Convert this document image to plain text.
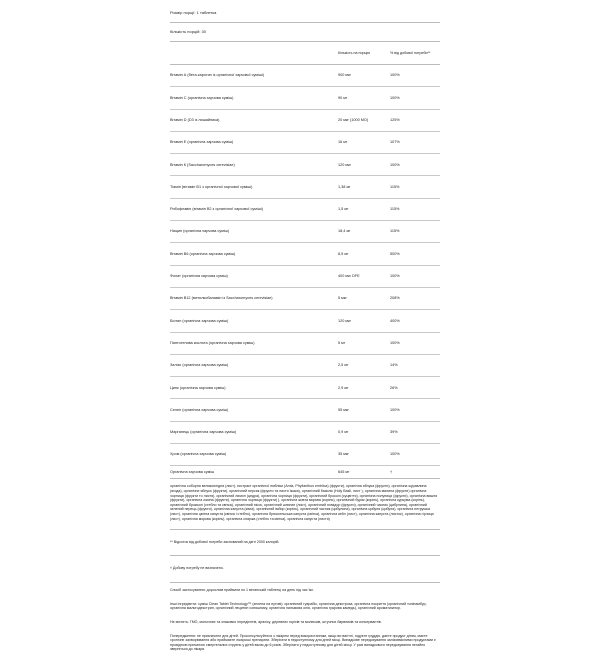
Розмір порції: 1 таблетка
Кількість порцій: 30
Кількість на порцію	% від добової потреби**
Вітамін А (бета-каротин із органічної харчової суміші)	900 мкг	100%
Вітамін С (органічна харчова суміш)	90 мг	100%
Вітамін D (D3 із лишайника)	20 мкг (1000 МО)	125%
Вітамін Е (органічна харчова суміш)	16 мг	107%
Вітамін К (Saccharomyces cerevisiae)	120 мкг	100%
Тіамін (вітамін В1 з органічної харчової суміші)	1,38 мг	115%
Рибофлавін (вітамін В2 з органічної харчової суміші)	1,5 мг	115%
Ніацин (органічна харчова суміш)	18,4 мг	115%
Вітамін В6 (органічна харчова суміш)	8,5 мг	500%
Фолат (органічна харчова суміш)	400 мкг DFE	100%
Вітамін В12 (метилкобаламін із Saccharomyces cerevisiae)	5 мкг	208%
Біотин (органічна харчова суміш)	120 мкг	400%
Пантотенова кислота (органічна харчова суміш)	5 мг	100%
Залізо (органічна харчова суміш)	2,5 мг	14%
Цинк (органічна харчова суміш)	2,9 мг	26%
Селен (органічна харчова суміш)	55 мкг	100%
Марганець (органічна харчова суміш)	0,9 мг	39%
Хром (органічна харчова суміш)	35 мкг	100%
Органічна харчова суміш	645 мг	†
органічна соборна великоплідна (лист), екстракт органічної ембліки (Amla, Phyllanthus emblica) (фрукти), органічна яблука (фрукти), органічна журавлина (ягода), органічне яблуко (фрукти), органічний персик (фрукти та листя їжака), органічний базилік (Holy Basil, лист ), органічна малина (фрукти) органічна чорниця (фрукти то листя), органічний лимон (цедра), органічна чорниця (фрукти), органічний броколі (суцвіття), органічна полуниця (фрукти), органічна вишня (фрукти), органічна ожина (фрукти), органічна чорниця (фрукти) ), органічна жовта морква (корінь), органічний буряк (корінь), органічна куркума (корінь), органічний брокколі (стебло та квітка), органічний пісок, органічний шпинат (лист), органічний помідор (фрукти), органічний часник (цибулина), органічний зелений перець (фрукти), органічна капуста (кімчі), органічний імбир (корінь), органічний часник (цибулина), органічна цибуля (цибуля), органічна петрушка (лист), органічна цвітна капуста (квітка і стебло), органічна брюссельська капуста (квітка), органічна кейл (лист), органічна капуста (листок), органічна гірчиця (лист), органічна морква (корінь), органічна спаржа (стебло та квітка), органічна капуста (листя)
** Відсоток від добової потреби заснований на дієті 2000 калорій.
† Добову потребу не визначено.
Спосіб застосування: дорослим приймати по 1 веганській таблетці на день під час їжі.
Інші інгредієнти: суміш Clean Tablet Technology™ (зелена на нутові): органічний гуарабік, органічна декстроза, органічна покриття (органічний топінамбур, органічна мальтодекстрин, органічний лецитин соняшнику, органічна пальмова олія, органічна гуарова камедь), органічний ароматизатор.
Не містить: ГМО, молочних та злакових інгредієнтів, арахісу, деревних горіхів та молюсків, штучних барвників та консервантів.
Попередження: не призначене для дітей. Проконсультуйтеся з лікарем перед використанням, якщо ви вагітні, годуєте груддю, даєте продукт дітям, маєте хронічне захворювання або приймаєте лікарські препарати. Зберігати в недоступному для дітей місці. Випадкове передозування залізовмісними продуктами є провідною причиною смертельних отруєнь у дітей віком до 6 років. Зберігати у недоступному для дітей місці. У разі випадкового передозування негайно зверніться до лікаря.
